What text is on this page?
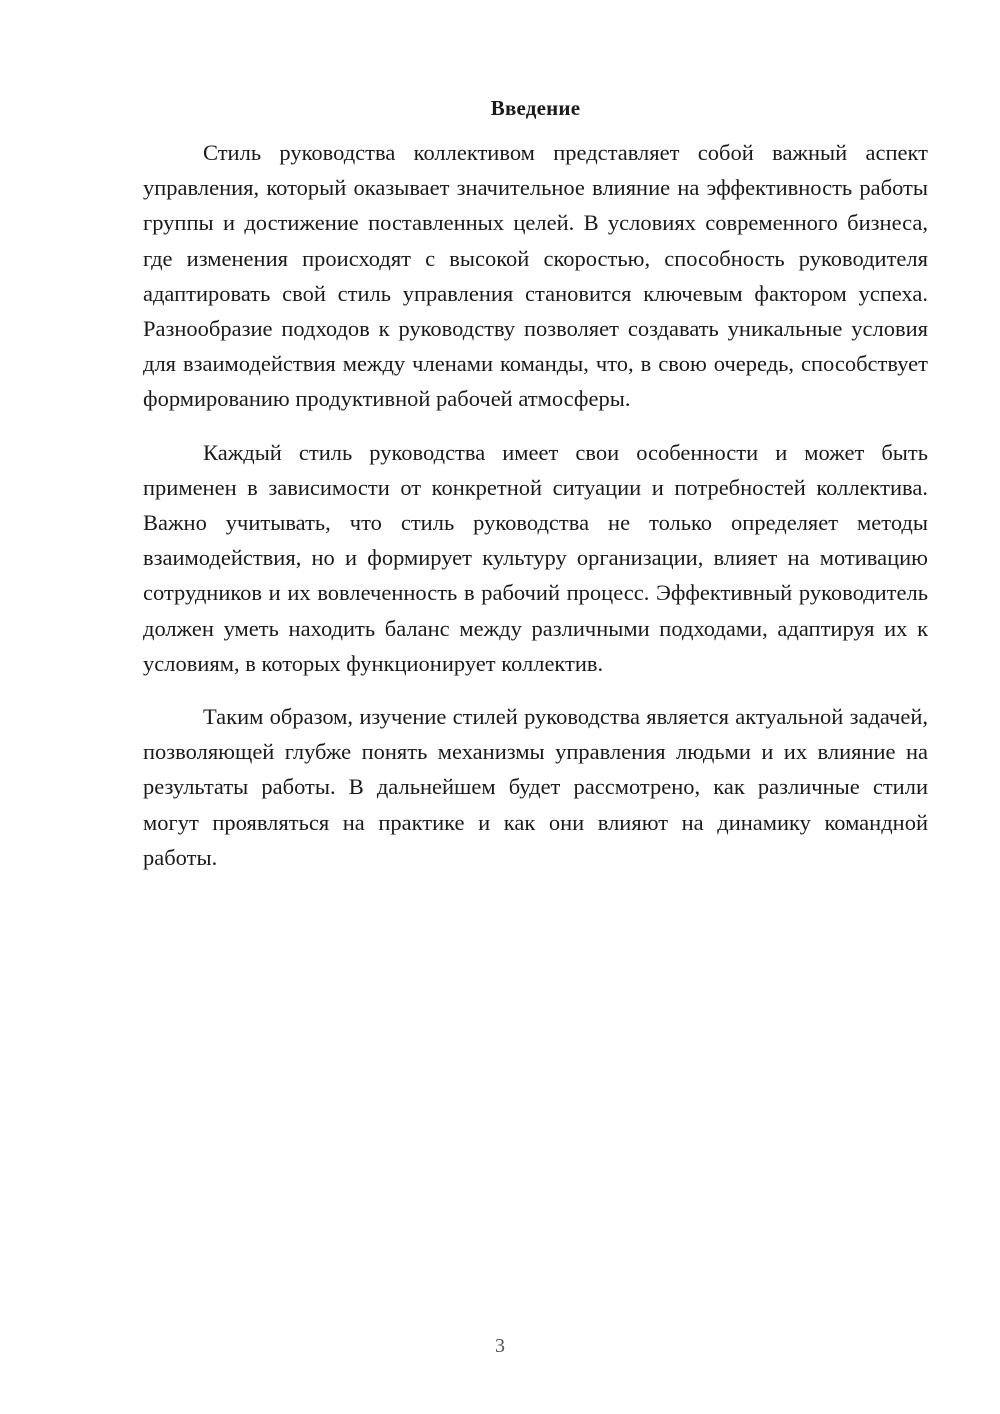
Введение

Стиль руководства коллективом представляет собой важный аспект управления, который оказывает значительное влияние на эффективность работы группы и достижение поставленных целей. В условиях современного бизнеса, где изменения происходят с высокой скоростью, способность руководителя адаптировать свой стиль управления становится ключевым фактором успеха. Разнообразие подходов к руководству позволяет создавать уникальные условия для взаимодействия между членами команды, что, в свою очередь, способствует формированию продуктивной рабочей атмосферы.

Каждый стиль руководства имеет свои особенности и может быть применен в зависимости от конкретной ситуации и потребностей коллектива. Важно учитывать, что стиль руководства не только определяет методы взаимодействия, но и формирует культуру организации, влияет на мотивацию сотрудников и их вовлеченность в рабочий процесс. Эффективный руководитель должен уметь находить баланс между различными подходами, адаптируя их к условиям, в которых функционирует коллектив.

Таким образом, изучение стилей руководства является актуальной задачей, позволяющей глубже понять механизмы управления людьми и их влияние на результаты работы. В дальнейшем будет рассмотрено, как различные стили могут проявляться на практике и как они влияют на динамику командной работы.

3
